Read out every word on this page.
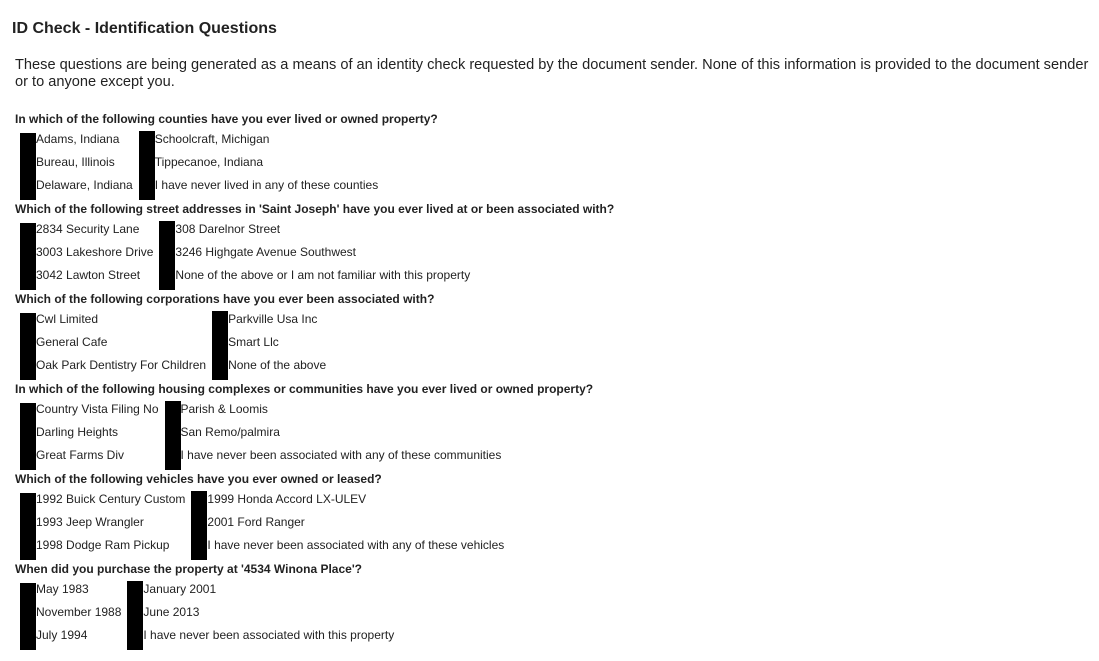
ID Check - Identification Questions

These questions are being generated as a means of an identity check requested by the document sender. None of this information is provided to the document sender or to anyone except you.

In which of the following counties have you ever lived or owned property?

Adams, Indiana
Bureau, Illinois
Delaware, Indiana
Schoolcraft, Michigan
Tippecanoe, Indiana
I have never lived in any of these counties

Which of the following street addresses in 'Saint Joseph' have you ever lived at or been associated with?

2834 Security Lane
3003 Lakeshore Drive
3042 Lawton Street
308 Darelnor Street
3246 Highgate Avenue Southwest
None of the above or I am not familiar with this property

Which of the following corporations have you ever been associated with?

Cwl Limited
General Cafe
Oak Park Dentistry For Children
Parkville Usa Inc
Smart Llc
None of the above

In which of the following housing complexes or communities have you ever lived or owned property?

Country Vista Filing No
Darling Heights
Great Farms Div
Parish & Loomis
San Remo/palmira
I have never been associated with any of these communities

Which of the following vehicles have you ever owned or leased?

1992 Buick Century Custom
1993 Jeep Wrangler
1998 Dodge Ram Pickup
1999 Honda Accord LX-ULEV
2001 Ford Ranger
I have never been associated with any of these vehicles

When did you purchase the property at '4534 Winona Place'?

May 1983
November 1988
July 1994
January 2001
June 2013
I have never been associated with this property
